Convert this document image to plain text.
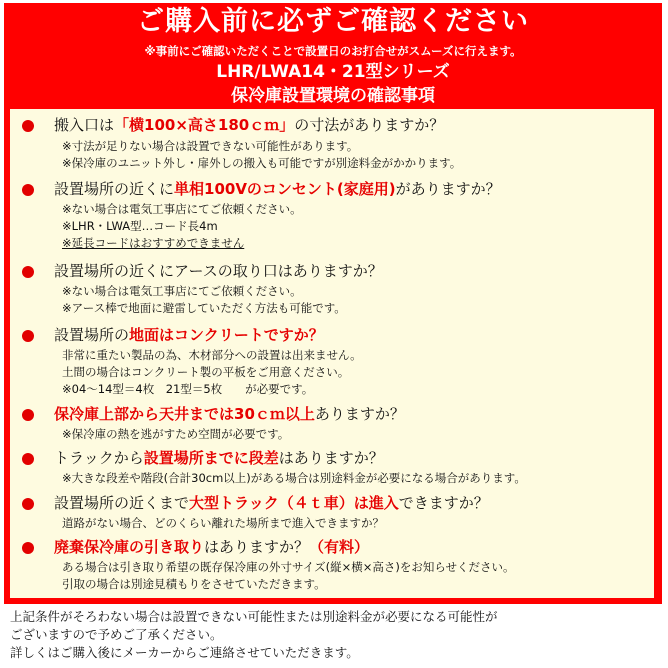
ご購入前に必ずご確認ください
※事前にご確認いただくことで設置日のお打合せがスムーズに行えます。
LHR/LWA14・21型シリーズ
保冷庫設置環境の確認事項
搬入口は「横100×高さ180ｃｍ」の寸法がありますか？
※寸法が足りない場合は設置できない可能性があります。
※保冷庫のユニット外し・扉外しの搬入も可能ですが別途料金がかかります。
設置場所の近くに単相100Vのコンセント(家庭用)がありますか？
※ない場合は電気工事店にてご依頼ください。
※LHR・LWA型…コード長4m
※延長コードはおすすめできません
設置場所の近くにアースの取り口はありますか？
※ない場合は電気工事店にてご依頼ください。
※アース棒で地面に避雷していただく方法も可能です。
設置場所の地面はコンクリートですか？
非常に重たい製品の為、木材部分への設置は出来ません。
土間の場合はコンクリート製の平板をご用意ください。
※04～14型＝4枚　21型＝5枚　　が必要です。
保冷庫上部から天井までは30ｃｍ以上ありますか？
※保冷庫の熱を逃がすため空間が必要です。
トラックから設置場所までに段差はありますか？
※大きな段差や階段(合計30cm以上)がある場合は別途料金が必要になる場合があります。
設置場所の近くまで大型トラック（４ｔ車）は進入できますか？
道路がない場合、どのくらい離れた場所まで進入できますか？
廃棄保冷庫の引き取りはありますか？（有料）
ある場合は引き取り希望の既存保冷庫の外寸サイズ(縦×横×高さ)をお知らせください。
引取の場合は別途見積もりをさせていただきます。
上記条件がそろわない場合は設置できない可能性または別途料金が必要になる可能性が
ございますので予めご了承ください。
詳しくはご購入後にメーカーからご連絡させていただきます。
